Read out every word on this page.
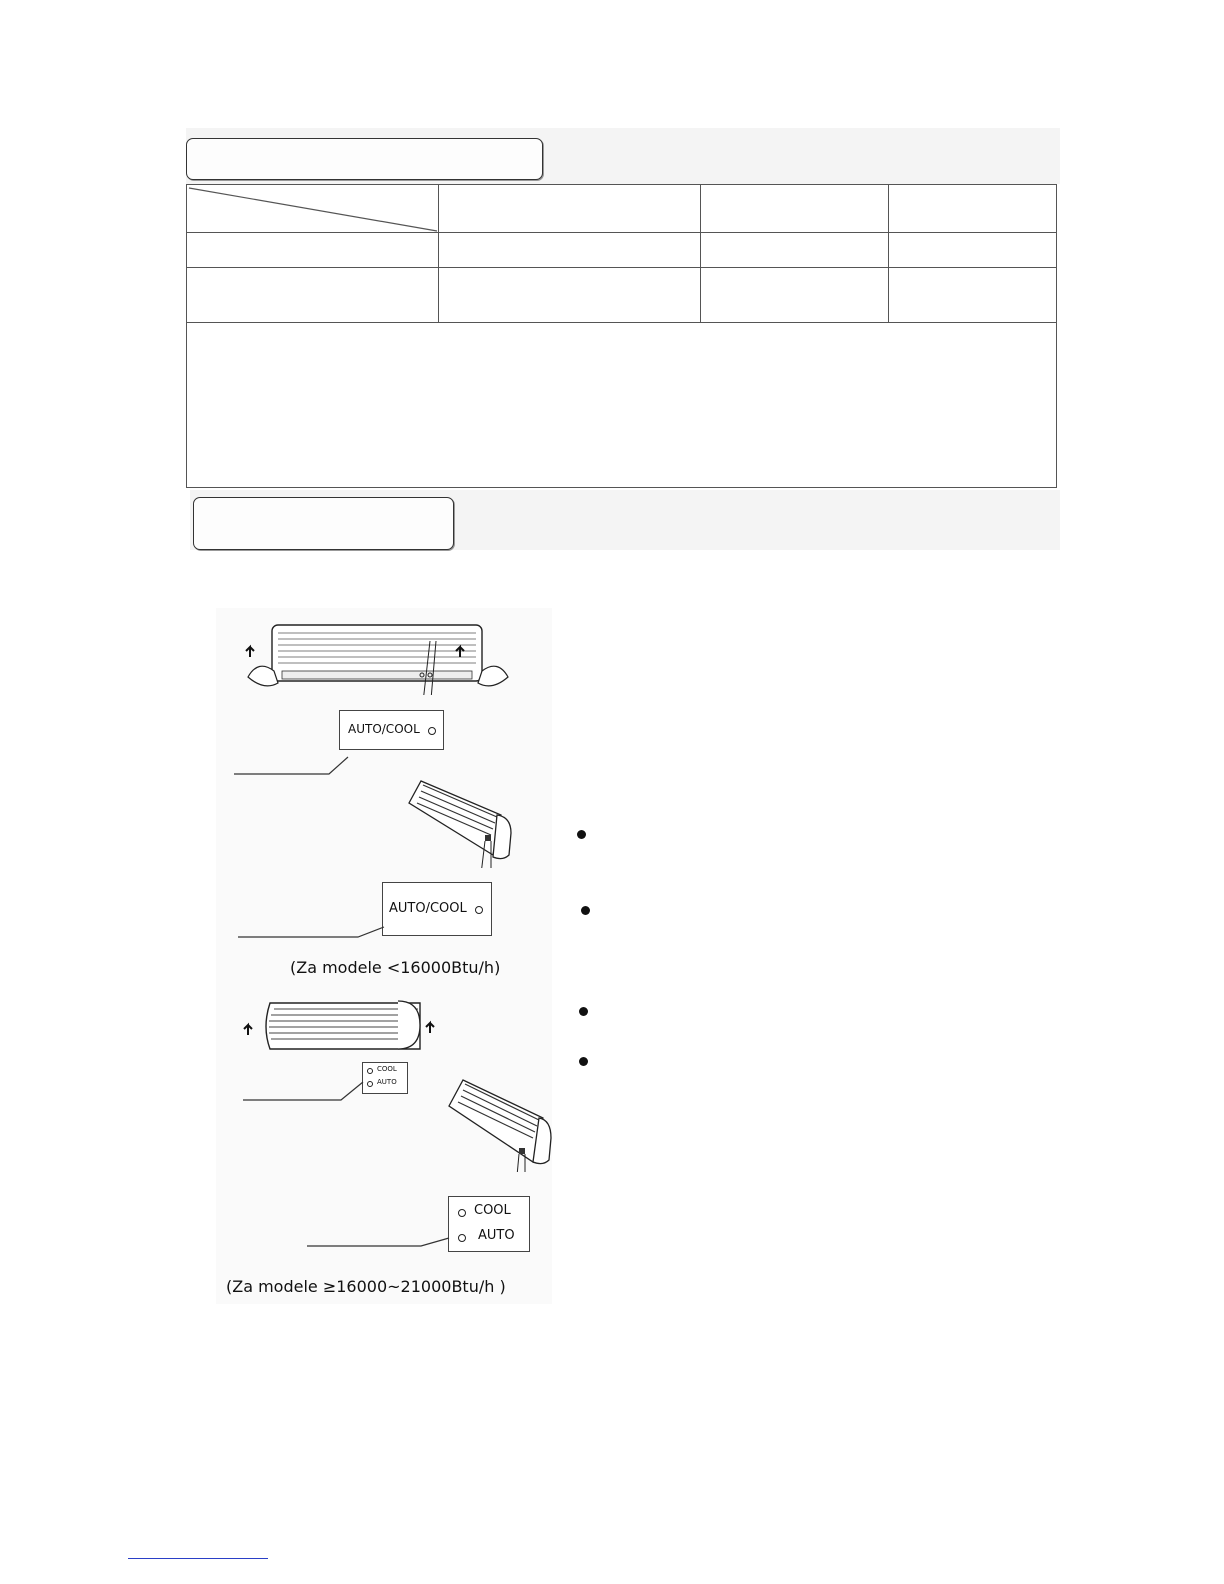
AUTO/COOL
AUTO/COOL
(Za modele <16000Btu/h)
COOL
AUTO
COOL
AUTO
(Za modele ≥16000~21000Btu/h )
